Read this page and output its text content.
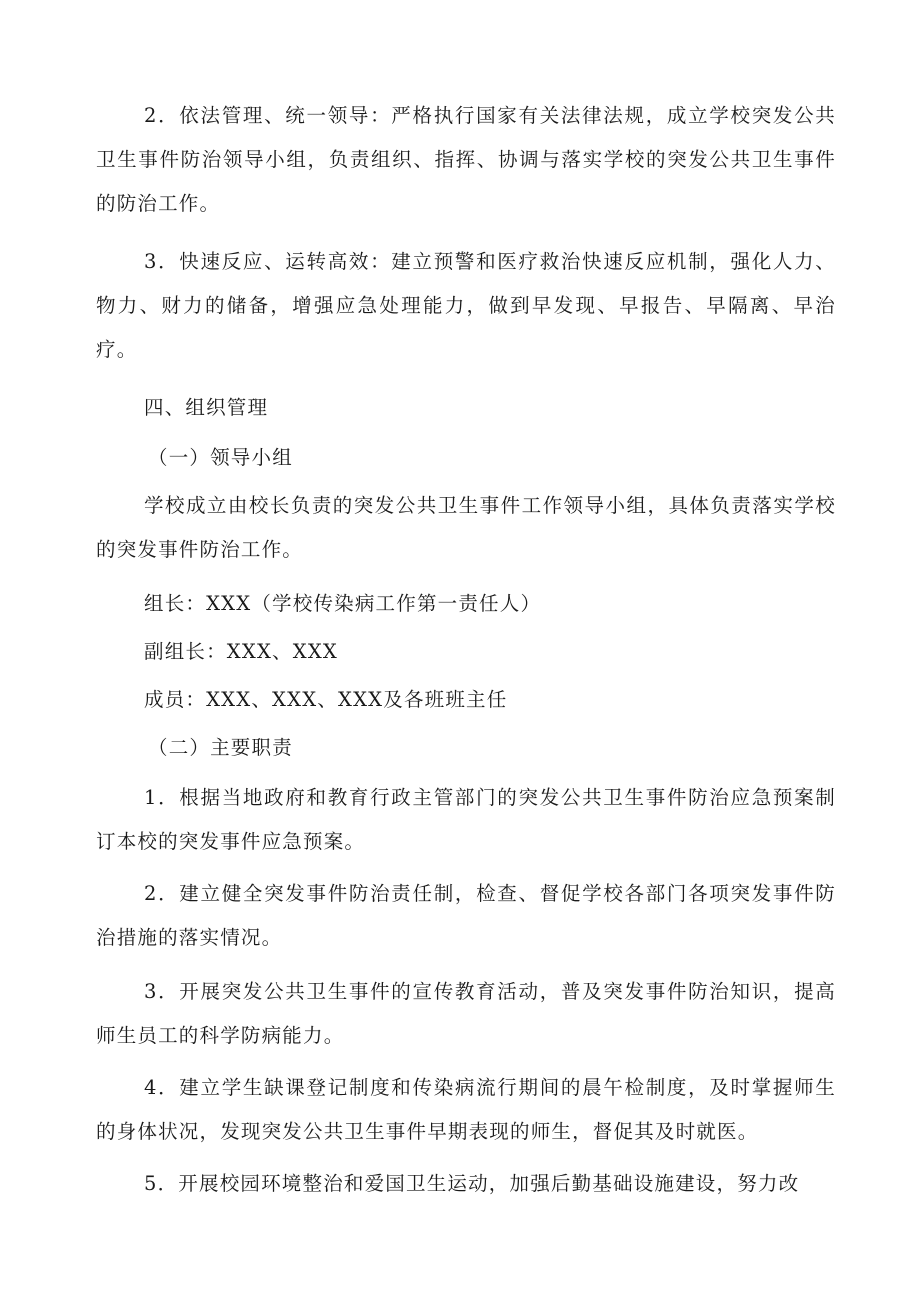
2．依法管理、统一领导：严格执行国家有关法律法规，成立学校突发公共卫生事件防治领导小组，负责组织、指挥、协调与落实学校的突发公共卫生事件的防治工作。

3．快速反应、运转高效：建立预警和医疗救治快速反应机制，强化人力、物力、财力的储备，增强应急处理能力，做到早发现、早报告、早隔离、早治疗。

四、组织管理

（一）领导小组

学校成立由校长负责的突发公共卫生事件工作领导小组，具体负责落实学校的突发事件防治工作。

组长：XXX（学校传染病工作第一责任人）

副组长：XXX、XXX

成员：XXX、XXX、XXX及各班班主任

（二）主要职责

1．根据当地政府和教育行政主管部门的突发公共卫生事件防治应急预案制订本校的突发事件应急预案。

2．建立健全突发事件防治责任制，检查、督促学校各部门各项突发事件防治措施的落实情况。

3．开展突发公共卫生事件的宣传教育活动，普及突发事件防治知识，提高师生员工的科学防病能力。

4．建立学生缺课登记制度和传染病流行期间的晨午检制度，及时掌握师生的身体状况，发现突发公共卫生事件早期表现的师生，督促其及时就医。

5．开展校园环境整治和爱国卫生运动，加强后勤基础设施建设，努力改
